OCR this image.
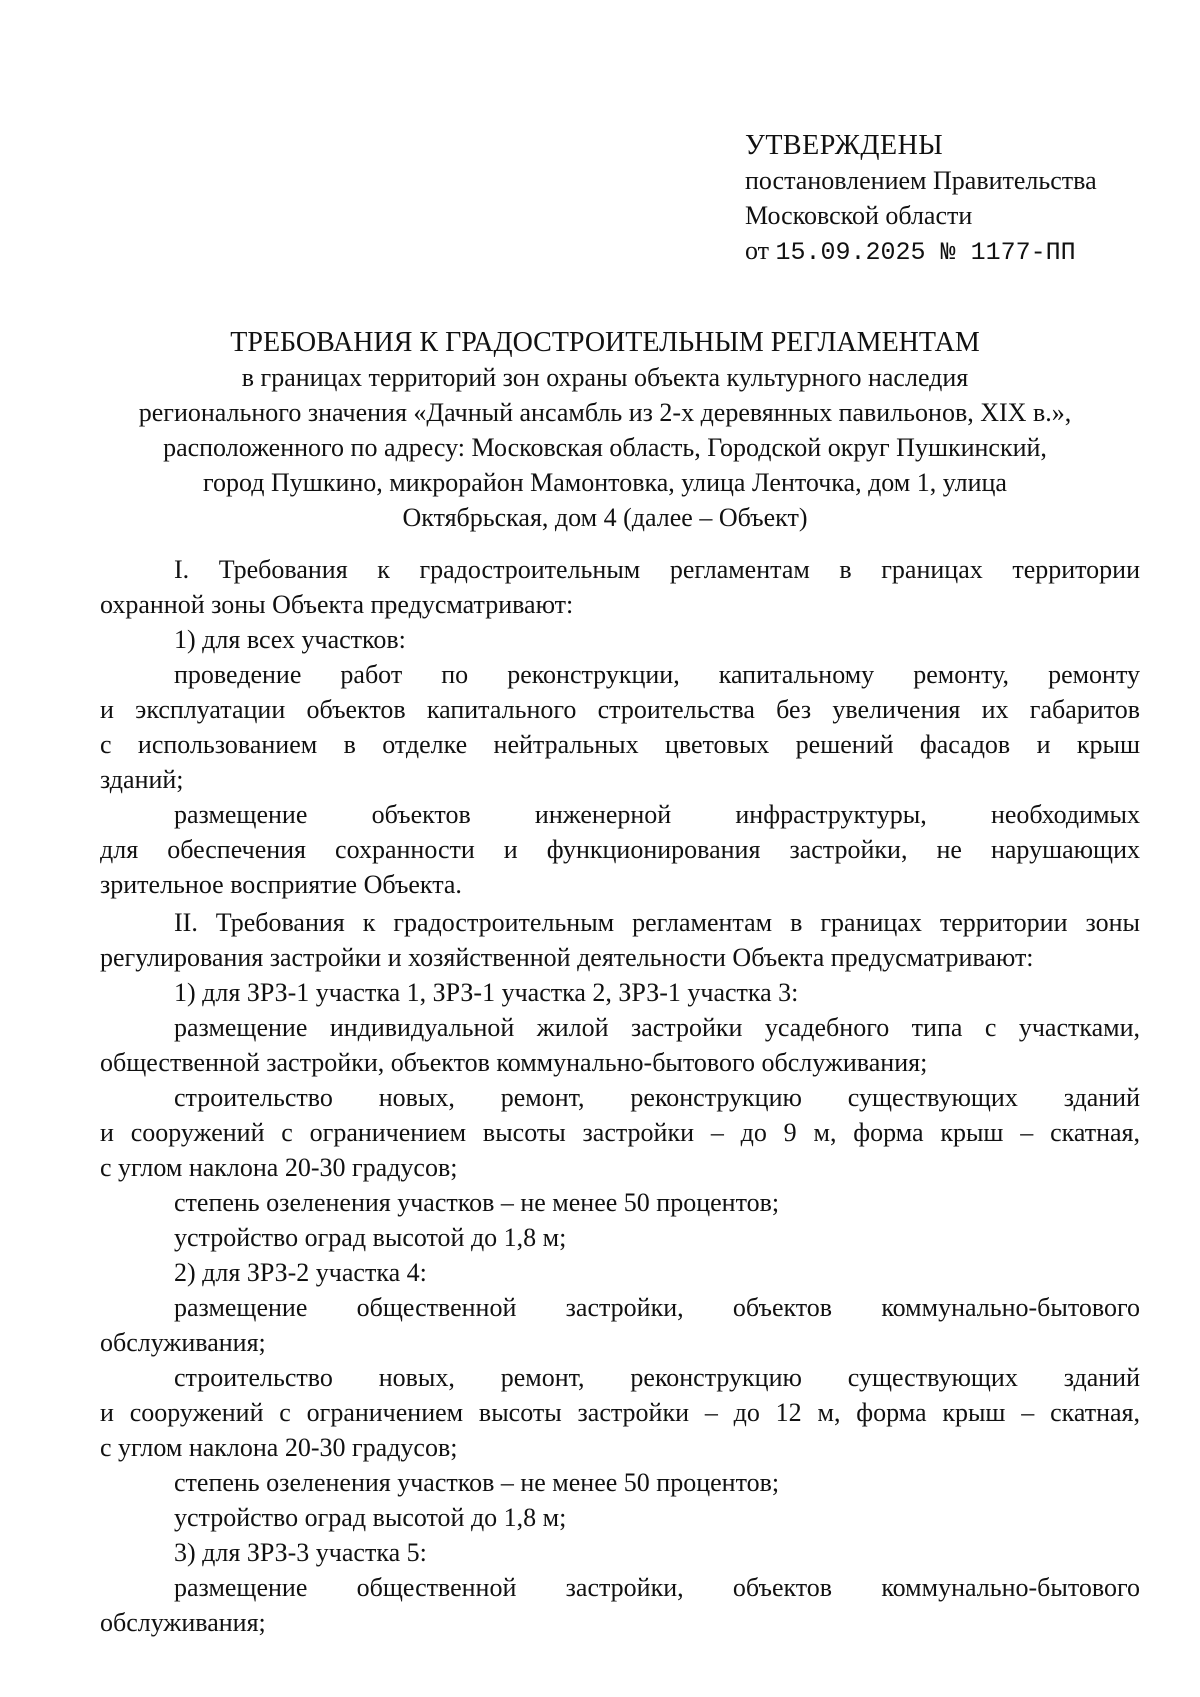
УТВЕРЖДЕНЫ
постановлением Правительства
Московской области
от 15.09.2025 № 1177-ПП
ТРЕБОВАНИЯ К ГРАДОСТРОИТЕЛЬНЫМ РЕГЛАМЕНТАМ
в границах территорий зон охраны объекта культурного наследия
регионального значения «Дачный ансамбль из 2-х деревянных павильонов, XIX в.»,
расположенного по адресу: Московская область, Городской округ Пушкинский,
город Пушкино, микрорайон Мамонтовка, улица Ленточка, дом 1, улица
Октябрьская, дом 4 (далее – Объект)
I. Требования к градостроительным регламентам в границах территории
охранной зоны Объекта предусматривают:
1) для всех участков:
проведение работ по реконструкции, капитальному ремонту, ремонту
и эксплуатации объектов капитального строительства без увеличения их габаритов
с использованием в отделке нейтральных цветовых решений фасадов и крыш
зданий;
размещение объектов инженерной инфраструктуры, необходимых
для обеспечения сохранности и функционирования застройки, не нарушающих
зрительное восприятие Объекта.
II. Требования к градостроительным регламентам в границах территории зоны
регулирования застройки и хозяйственной деятельности Объекта предусматривают:
1) для ЗРЗ-1 участка 1, ЗРЗ-1 участка 2, ЗРЗ-1 участка 3:
размещение индивидуальной жилой застройки усадебного типа с участками,
общественной застройки, объектов коммунально-бытового обслуживания;
строительство новых, ремонт, реконструкцию существующих зданий
и сооружений с ограничением высоты застройки – до 9 м, форма крыш – скатная,
с углом наклона 20-30 градусов;
степень озеленения участков – не менее 50 процентов;
устройство оград высотой до 1,8 м;
2) для ЗРЗ-2 участка 4:
размещение общественной застройки, объектов коммунально-бытового
обслуживания;
строительство новых, ремонт, реконструкцию существующих зданий
и сооружений с ограничением высоты застройки – до 12 м, форма крыш – скатная,
с углом наклона 20-30 градусов;
степень озеленения участков – не менее 50 процентов;
устройство оград высотой до 1,8 м;
3) для ЗРЗ-3 участка 5:
размещение общественной застройки, объектов коммунально-бытового
обслуживания;
